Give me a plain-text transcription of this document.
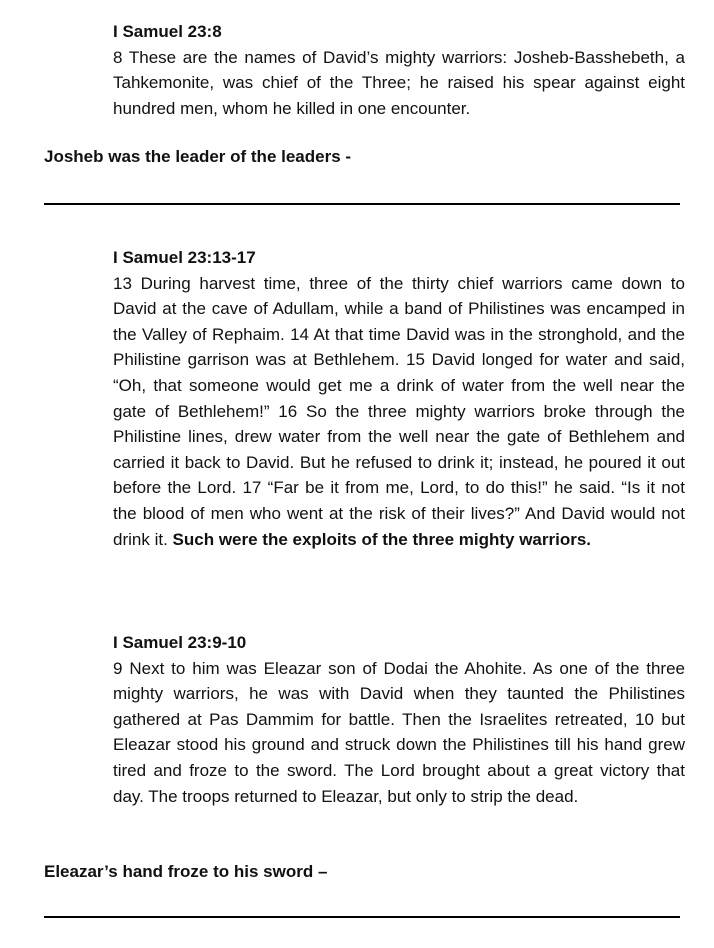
I Samuel 23:8
8 These are the names of David’s mighty warriors: Josheb-Basshebeth, a Tahkemonite, was chief of the Three; he raised his spear against eight hundred men, whom he killed in one encounter.
Josheb was the leader of the leaders -
I Samuel 23:13-17
13 During harvest time, three of the thirty chief warriors came down to David at the cave of Adullam, while a band of Philistines was encamped in the Valley of Rephaim. 14 At that time David was in the stronghold, and the Philistine garrison was at Bethlehem. 15 David longed for water and said, “Oh, that someone would get me a drink of water from the well near the gate of Bethlehem!” 16 So the three mighty warriors broke through the Philistine lines, drew water from the well near the gate of Bethlehem and carried it back to David. But he refused to drink it; instead, he poured it out before the Lord. 17 “Far be it from me, Lord, to do this!” he said. “Is it not the blood of men who went at the risk of their lives?” And David would not drink it. Such were the exploits of the three mighty warriors.
I Samuel 23:9-10
9 Next to him was Eleazar son of Dodai the Ahohite. As one of the three mighty warriors, he was with David when they taunted the Philistines gathered at Pas Dammim for battle. Then the Israelites retreated, 10 but Eleazar stood his ground and struck down the Philistines till his hand grew tired and froze to the sword. The Lord brought about a great victory that day. The troops returned to Eleazar, but only to strip the dead.
Eleazar’s hand froze to his sword –
